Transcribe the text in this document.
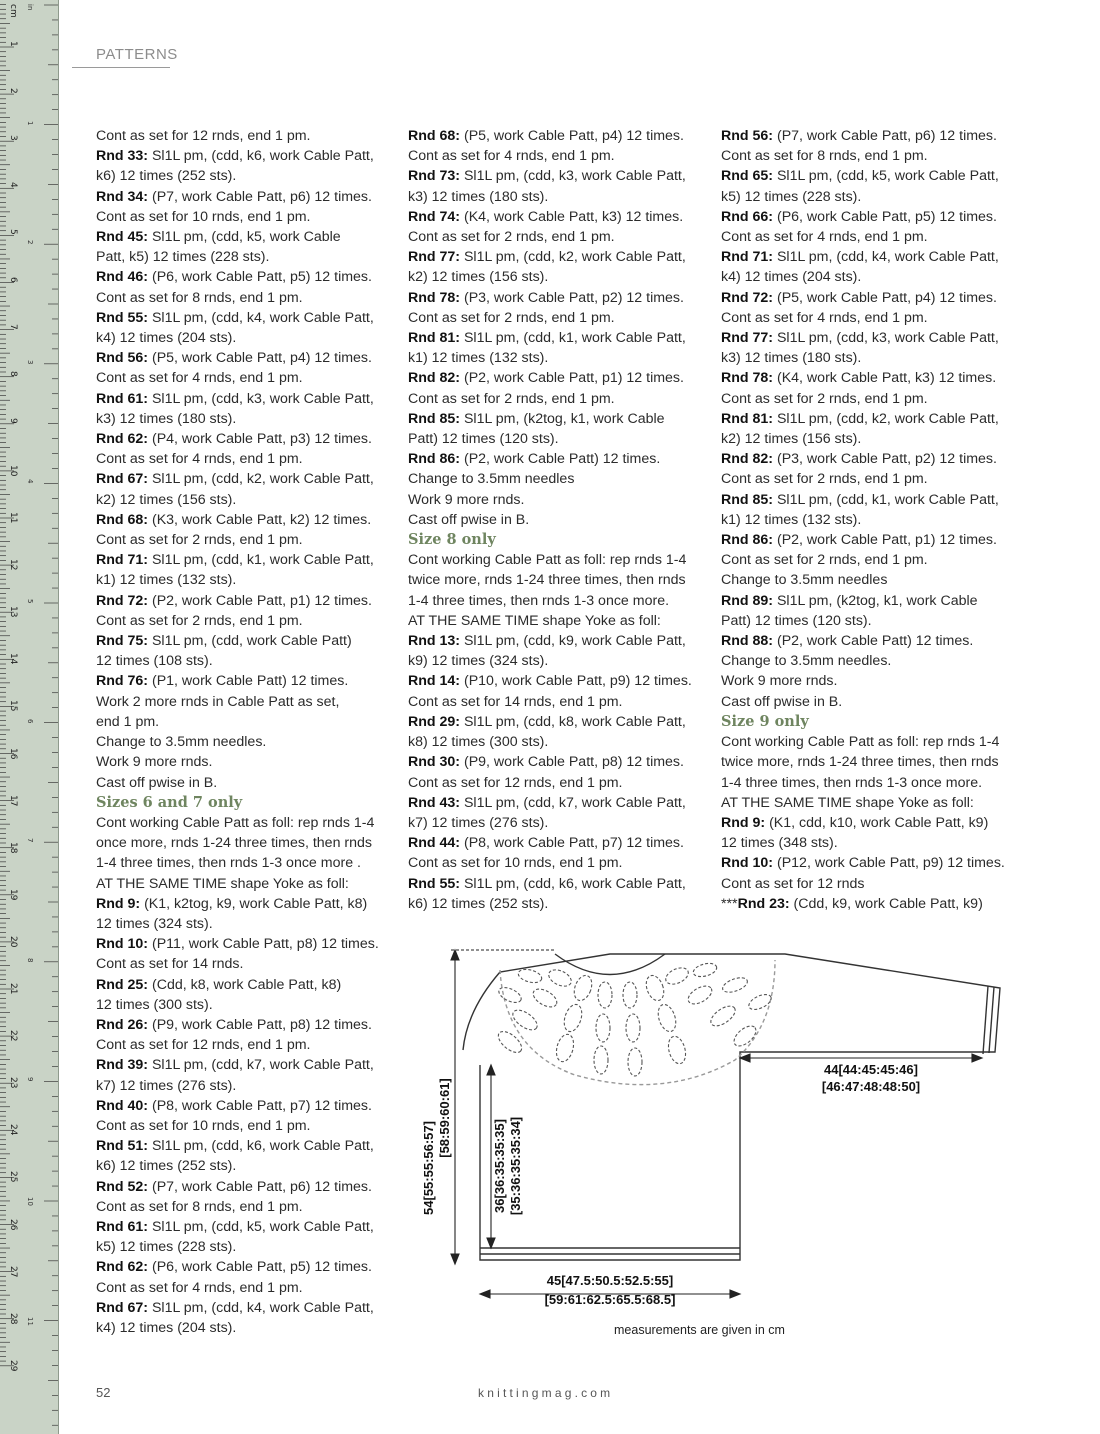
cm in
1
2
3
4
5
6
7
8
9
10
11
12
13
14
15
16
17
18
19
20
21
22
23
24
25
26
27
28
29
1
2
3
4
5
6
7
8
9
10
11
PATTERNS
Cont as set for 12 rnds, end 1 pm.
Rnd 33: Sl1L pm, (cdd, k6, work Cable Patt,
k6) 12 times (252 sts).
Rnd 34: (P7, work Cable Patt, p6) 12 times.
Cont as set for 10 rnds, end 1 pm.
Rnd 45: Sl1L pm, (cdd, k5, work Cable
Patt, k5) 12 times (228 sts).
Rnd 46: (P6, work Cable Patt, p5) 12 times.
Cont as set for 8 rnds, end 1 pm.
Rnd 55: Sl1L pm, (cdd, k4, work Cable Patt,
k4) 12 times (204 sts).
Rnd 56: (P5, work Cable Patt, p4) 12 times.
Cont as set for 4 rnds, end 1 pm.
Rnd 61: Sl1L pm, (cdd, k3, work Cable Patt,
k3) 12 times (180 sts).
Rnd 62: (P4, work Cable Patt, p3) 12 times.
Cont as set for 4 rnds, end 1 pm.
Rnd 67: Sl1L pm, (cdd, k2, work Cable Patt,
k2) 12 times (156 sts).
Rnd 68: (K3, work Cable Patt, k2) 12 times.
Cont as set for 2 rnds, end 1 pm.
Rnd 71: Sl1L pm, (cdd, k1, work Cable Patt,
k1) 12 times (132 sts).
Rnd 72: (P2, work Cable Patt, p1) 12 times.
Cont as set for 2 rnds, end 1 pm.
Rnd 75: Sl1L pm, (cdd, work Cable Patt)
12 times (108 sts).
Rnd 76: (P1, work Cable Patt) 12 times.
Work 2 more rnds in Cable Patt as set,
end 1 pm.
Change to 3.5mm needles.
Work 9 more rnds.
Cast off pwise in B.
Sizes 6 and 7 only
Cont working Cable Patt as foll: rep rnds 1-4
once more, rnds 1-24 three times, then rnds
1-4 three times, then rnds 1-3 once more .
AT THE SAME TIME shape Yoke as foll:
Rnd 9: (K1, k2tog, k9, work Cable Patt, k8)
12 times (324 sts).
Rnd 10: (P11, work Cable Patt, p8) 12 times.
Cont as set for 14 rnds.
Rnd 25: (Cdd, k8, work Cable Patt, k8)
12 times (300 sts).
Rnd 26: (P9, work Cable Patt, p8) 12 times.
Cont as set for 12 rnds, end 1 pm.
Rnd 39: Sl1L pm, (cdd, k7, work Cable Patt,
k7) 12 times (276 sts).
Rnd 40: (P8, work Cable Patt, p7) 12 times.
Cont as set for 10 rnds, end 1 pm.
Rnd 51: Sl1L pm, (cdd, k6, work Cable Patt,
k6) 12 times (252 sts).
Rnd 52: (P7, work Cable Patt, p6) 12 times.
Cont as set for 8 rnds, end 1 pm.
Rnd 61: Sl1L pm, (cdd, k5, work Cable Patt,
k5) 12 times (228 sts).
Rnd 62: (P6, work Cable Patt, p5) 12 times.
Cont as set for 4 rnds, end 1 pm.
Rnd 67: Sl1L pm, (cdd, k4, work Cable Patt,
k4) 12 times (204 sts).
Rnd 68: (P5, work Cable Patt, p4) 12 times.
Cont as set for 4 rnds, end 1 pm.
Rnd 73: Sl1L pm, (cdd, k3, work Cable Patt,
k3) 12 times (180 sts).
Rnd 74: (K4, work Cable Patt, k3) 12 times.
Cont as set for 2 rnds, end 1 pm.
Rnd 77: Sl1L pm, (cdd, k2, work Cable Patt,
k2) 12 times (156 sts).
Rnd 78: (P3, work Cable Patt, p2) 12 times.
Cont as set for 2 rnds, end 1 pm.
Rnd 81: Sl1L pm, (cdd, k1, work Cable Patt,
k1) 12 times (132 sts).
Rnd 82: (P2, work Cable Patt, p1) 12 times.
Cont as set for 2 rnds, end 1 pm.
Rnd 85: Sl1L pm, (k2tog, k1, work Cable
Patt) 12 times (120 sts).
Rnd 86: (P2, work Cable Patt) 12 times.
Change to 3.5mm needles
Work 9 more rnds.
Cast off pwise in B.
Size 8 only
Cont working Cable Patt as foll: rep rnds 1-4
twice more, rnds 1-24 three times, then rnds
1-4 three times, then rnds 1-3 once more.
AT THE SAME TIME shape Yoke as foll:
Rnd 13: Sl1L pm, (cdd, k9, work Cable Patt,
k9) 12 times (324 sts).
Rnd 14: (P10, work Cable Patt, p9) 12 times.
Cont as set for 14 rnds, end 1 pm.
Rnd 29: Sl1L pm, (cdd, k8, work Cable Patt,
k8) 12 times (300 sts).
Rnd 30: (P9, work Cable Patt, p8) 12 times.
Cont as set for 12 rnds, end 1 pm.
Rnd 43: Sl1L pm, (cdd, k7, work Cable Patt,
k7) 12 times (276 sts).
Rnd 44: (P8, work Cable Patt, p7) 12 times.
Cont as set for 10 rnds, end 1 pm.
Rnd 55: Sl1L pm, (cdd, k6, work Cable Patt,
k6) 12 times (252 sts).
Rnd 56: (P7, work Cable Patt, p6) 12 times.
Cont as set for 8 rnds, end 1 pm.
Rnd 65: Sl1L pm, (cdd, k5, work Cable Patt,
k5) 12 times (228 sts).
Rnd 66: (P6, work Cable Patt, p5) 12 times.
Cont as set for 4 rnds, end 1 pm.
Rnd 71: Sl1L pm, (cdd, k4, work Cable Patt,
k4) 12 times (204 sts).
Rnd 72: (P5, work Cable Patt, p4) 12 times.
Cont as set for 4 rnds, end 1 pm.
Rnd 77: Sl1L pm, (cdd, k3, work Cable Patt,
k3) 12 times (180 sts).
Rnd 78: (K4, work Cable Patt, k3) 12 times.
Cont as set for 2 rnds, end 1 pm.
Rnd 81: Sl1L pm, (cdd, k2, work Cable Patt,
k2) 12 times (156 sts).
Rnd 82: (P3, work Cable Patt, p2) 12 times.
Cont as set for 2 rnds, end 1 pm.
Rnd 85: Sl1L pm, (cdd, k1, work Cable Patt,
k1) 12 times (132 sts).
Rnd 86: (P2, work Cable Patt, p1) 12 times.
Cont as set for 2 rnds, end 1 pm.
Change to 3.5mm needles
Rnd 89: Sl1L pm, (k2tog, k1, work Cable
Patt) 12 times (120 sts).
Rnd 88: (P2, work Cable Patt) 12 times.
Change to 3.5mm needles.
Work 9 more rnds.
Cast off pwise in B.
Size 9 only
Cont working Cable Patt as foll: rep rnds 1-4
twice more, rnds 1-24 three times, then rnds
1-4 three times, then rnds 1-3 once more.
AT THE SAME TIME shape Yoke as foll:
Rnd 9: (K1, cdd, k10, work Cable Patt, k9)
12 times (348 sts).
Rnd 10: (P12, work Cable Patt, p9) 12 times.
Cont as set for 12 rnds
***Rnd 23: (Cdd, k9, work Cable Patt, k9)
54[55:55:56:57]
[58:59:60:61]
36[36:35:35:35] [35:36:35:35:34]
44[44:45:45:46]
[46:47:48:48:50]
45[47.5:50.5:52.5:55]
[59:61:62.5:65.5:68.5]
measurements are given in cm
52	knittingmag.com
